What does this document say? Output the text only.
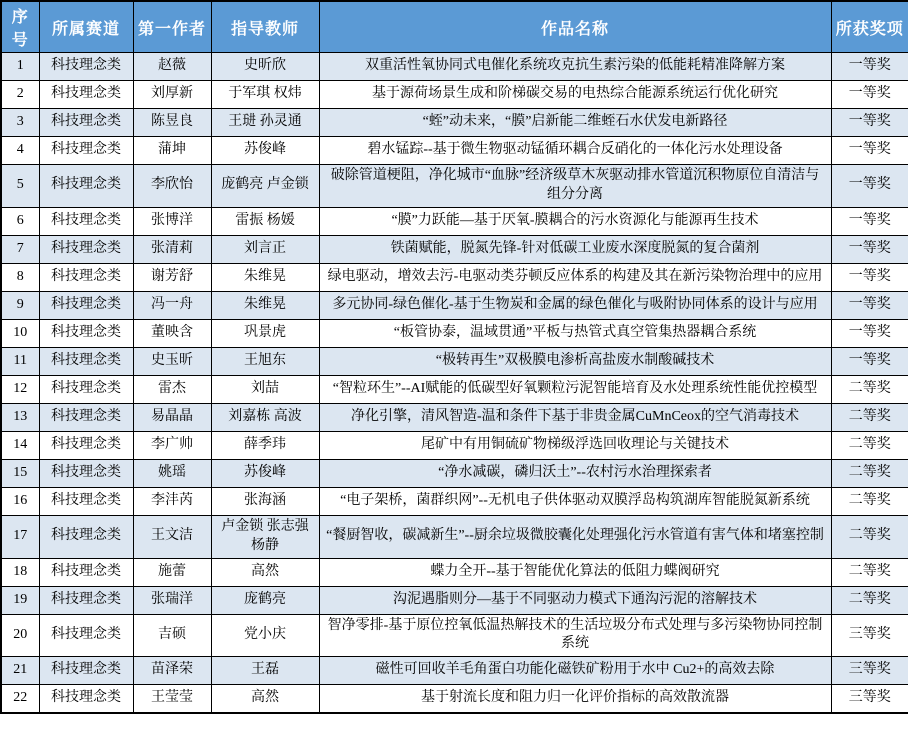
序号	所属赛道	第一作者	指导教师	作品名称	所获奖项
1	科技理念类	赵薇	史昕欣	双重活性氧协同式电催化系统攻克抗生素污染的低能耗精准降解方案	一等奖
2	科技理念类	刘厚新	于军琪 权炜	基于源荷场景生成和阶梯碳交易的电热综合能源系统运行优化研究	一等奖
3	科技理念类	陈昱良	王琎 孙灵通	“蛭”动未来，“膜”启新能二维蛭石水伏发电新路径	一等奖
4	科技理念类	蒲坤	苏俊峰	碧水锰踪--基于微生物驱动锰循环耦合反硝化的一体化污水处理设备	一等奖
5	科技理念类	李欣怡	庞鹤亮 卢金锁	破除管道梗阻，净化城市“血脉”经济级草木灰驱动排水管道沉积物原位自清洁与组分分离	一等奖
6	科技理念类	张博洋	雷振 杨媛	“膜”力跃能—基于厌氧-膜耦合的污水资源化与能源再生技术	一等奖
7	科技理念类	张清莉	刘言正	铁菌赋能，脱氮先锋-针对低碳工业废水深度脱氮的复合菌剂	一等奖
8	科技理念类	谢芳舒	朱维晃	绿电驱动，增效去污-电驱动类芬顿反应体系的构建及其在新污染物治理中的应用	一等奖
9	科技理念类	冯一舟	朱维晃	多元协同-绿色催化-基于生物炭和金属的绿色催化与吸附协同体系的设计与应用	一等奖
10	科技理念类	董映含	巩景虎	“板管协泰，温域贯通”平板与热管式真空管集热器耦合系统	一等奖
11	科技理念类	史玉昕	王旭东	“极转再生”双极膜电渗析高盐废水制酸碱技术	一等奖
12	科技理念类	雷杰	刘喆	“智粒环生”--AI赋能的低碳型好氧颗粒污泥智能培育及水处理系统性能优控模型	二等奖
13	科技理念类	易晶晶	刘嘉栋 高波	净化引擎，清风智造-温和条件下基于非贵金属CuMnCeox的空气消毒技术	二等奖
14	科技理念类	李广帅	薛季玮	尾矿中有用铜硫矿物梯级浮选回收理论与关键技术	二等奖
15	科技理念类	姚瑶	苏俊峰	“净水减碳，磷归沃土”--农村污水治理探索者	二等奖
16	科技理念类	李沣芮	张海涵	“电子架桥，菌群织网”--无机电子供体驱动双膜浮岛构筑湖库智能脱氮新系统	二等奖
17	科技理念类	王文洁	卢金锁 张志强 杨静	“餐厨智收，碳减新生”--厨余垃圾微胶囊化处理强化污水管道有害气体和堵塞控制	二等奖
18	科技理念类	施蕾	高然	蝶力全开--基于智能优化算法的低阻力蝶阀研究	二等奖
19	科技理念类	张瑞洋	庞鹤亮	沟泥遇脂则分—基于不同驱动力模式下通沟污泥的溶解技术	二等奖
20	科技理念类	吉硕	党小庆	智净零排-基于原位控氧低温热解技术的生活垃圾分布式处理与多污染物协同控制系统	三等奖
21	科技理念类	苗泽荣	王磊	磁性可回收羊毛角蛋白功能化磁铁矿粉用于水中 Cu2+的高效去除	三等奖
22	科技理念类	王莹莹	高然	基于射流长度和阻力归一化评价指标的高效散流器	三等奖
